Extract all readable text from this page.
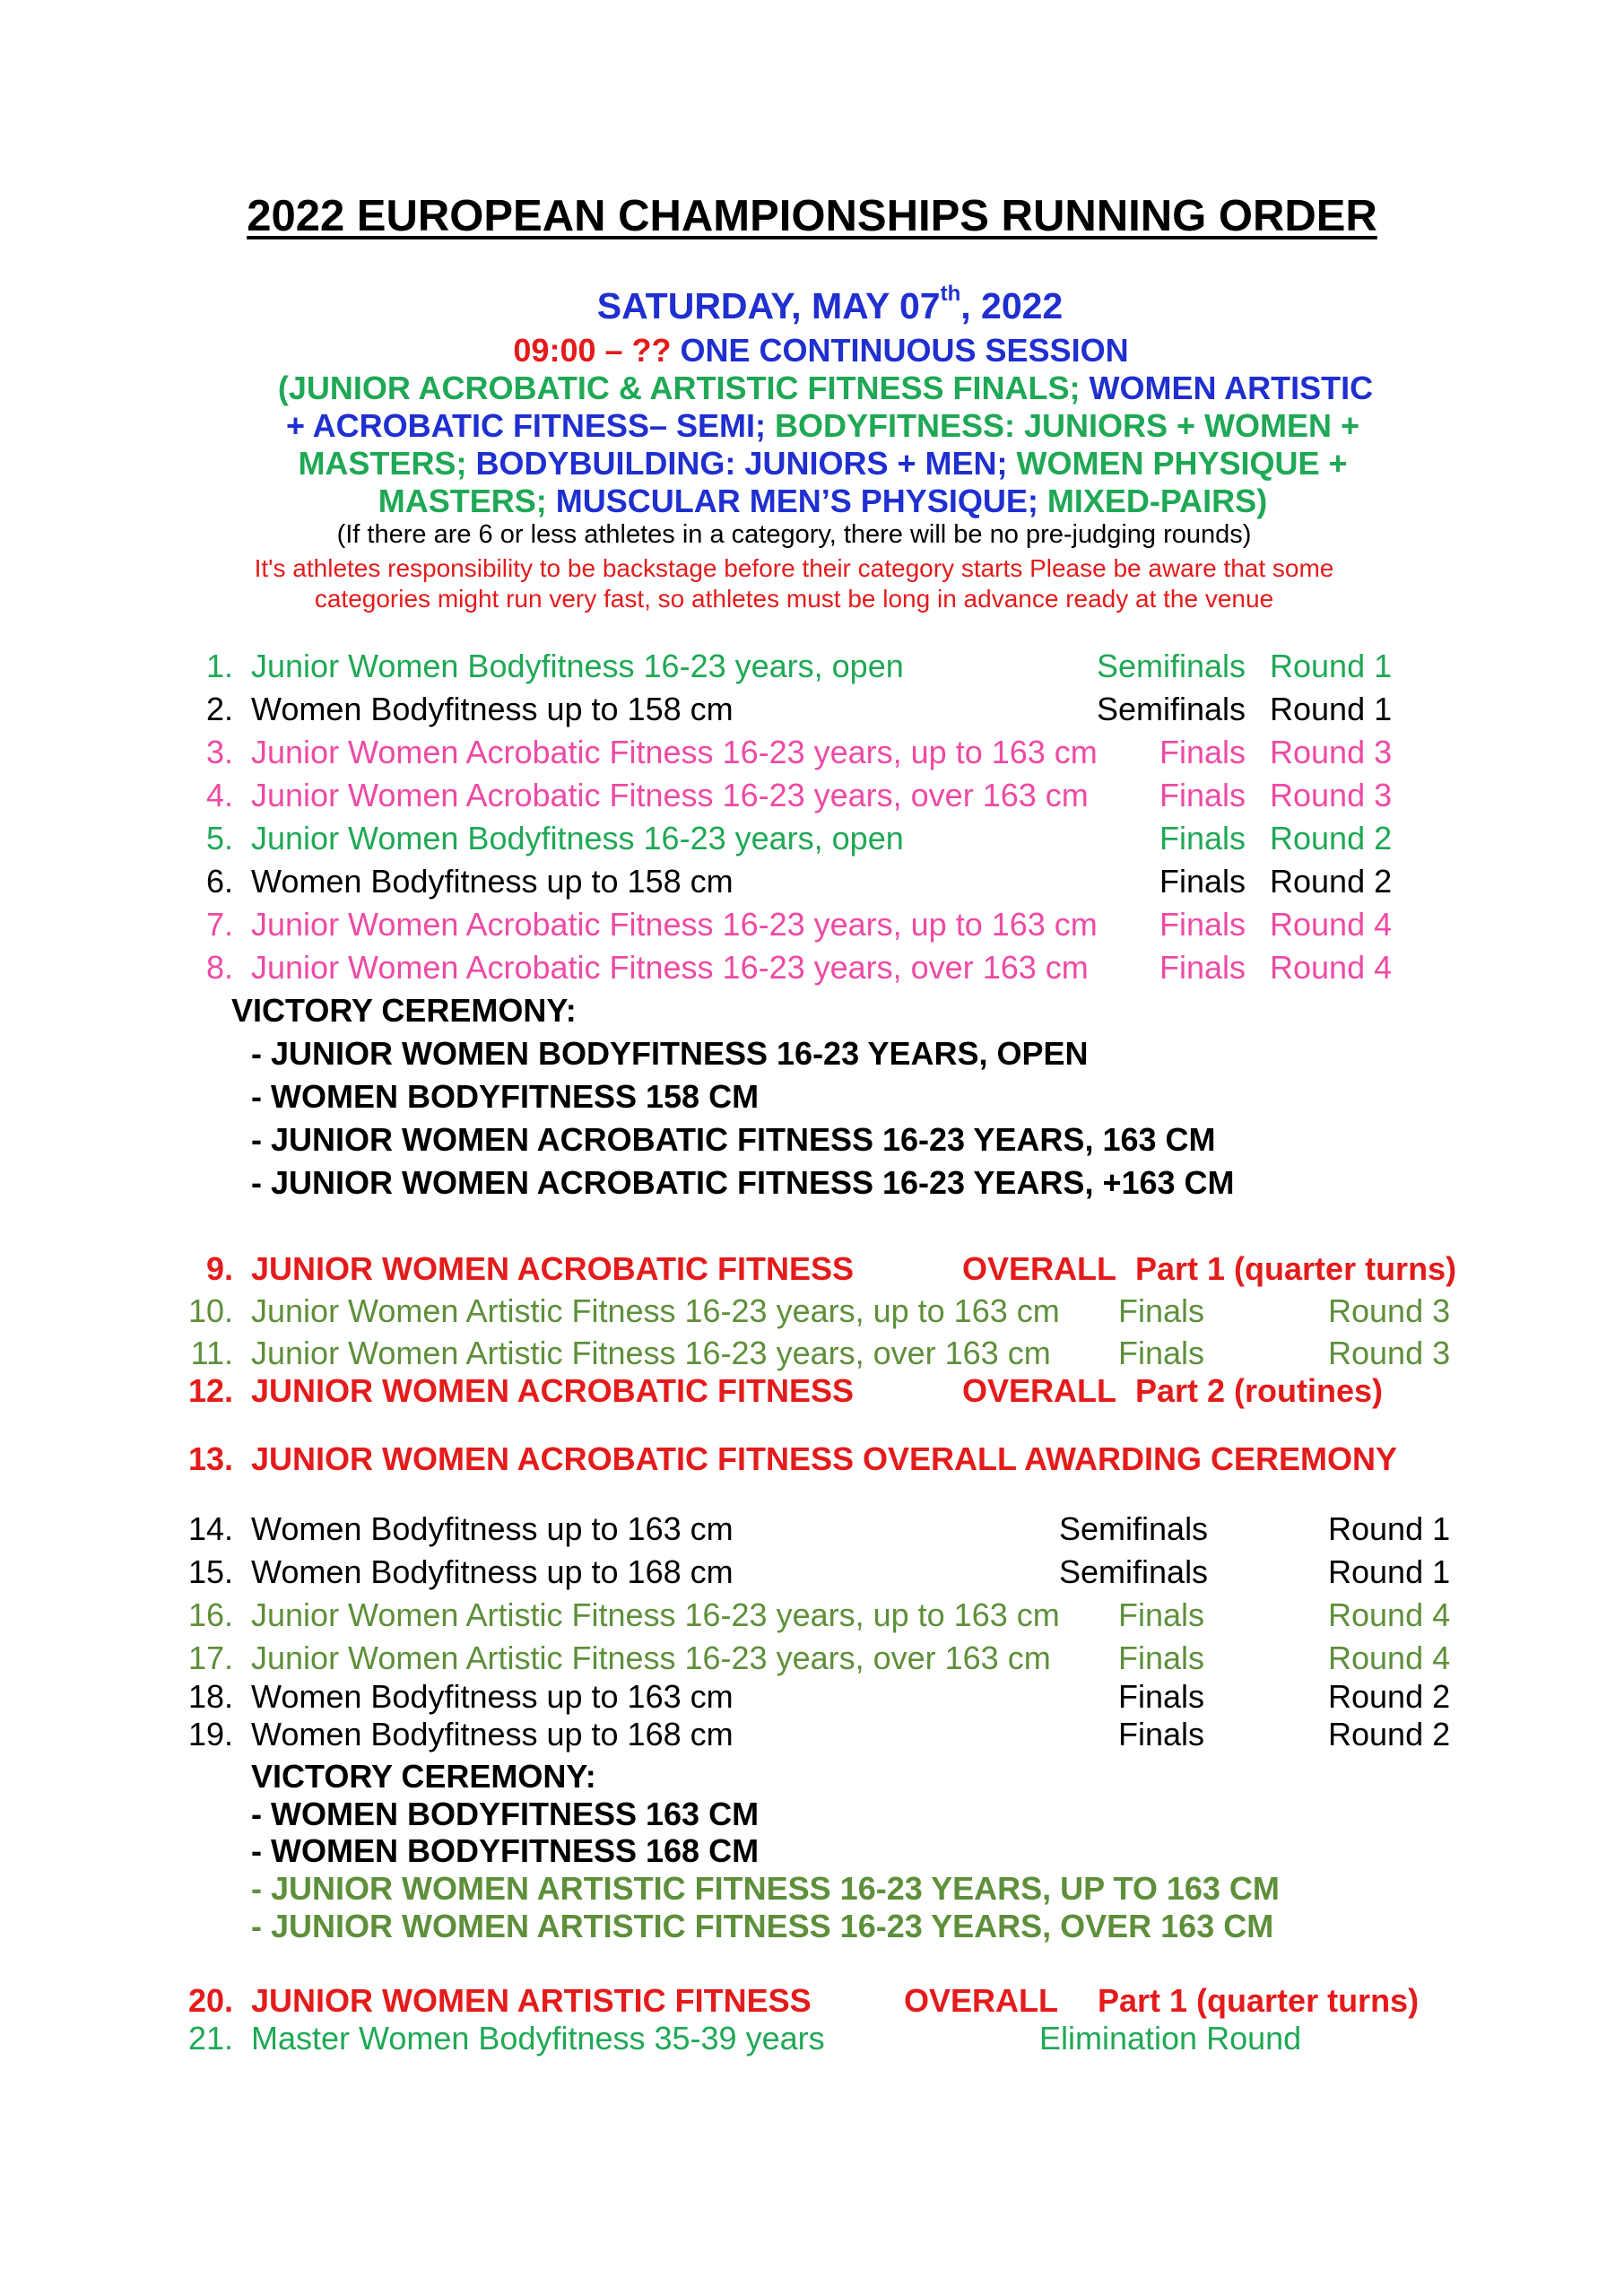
2022 EUROPEAN CHAMPIONSHIPS RUNNING ORDER
SATURDAY, MAY 07th, 2022
09:00 – ?? ONE CONTINUOUS SESSION
(JUNIOR ACROBATIC & ARTISTIC FITNESS FINALS; WOMEN ARTISTIC
+ ACROBATIC FITNESS– SEMI; BODYFITNESS: JUNIORS + WOMEN +
MASTERS; BODYBUILDING: JUNIORS + MEN; WOMEN PHYSIQUE +
MASTERS; MUSCULAR MEN’S PHYSIQUE; MIXED-PAIRS)
(If there are 6 or less athletes in a category, there will be no pre-judging rounds)
It's athletes responsibility to be backstage before their category starts Please be aware that some
categories might run very fast, so athletes must be long in advance ready at the venue
1. Junior Women Bodyfitness 16-23 years, open	Semifinals Round 1
2. Women Bodyfitness up to 158 cm	Semifinals Round 1
3. Junior Women Acrobatic Fitness 16-23 years, up to 163 cm Finals Round 3
4. Junior Women Acrobatic Fitness 16-23 years, over 163 cm Finals Round 3
5. Junior Women Bodyfitness 16-23 years, open	Finals Round 2
6. Women Bodyfitness up to 158 cm	Finals Round 2
7. Junior Women Acrobatic Fitness 16-23 years, up to 163 cm Finals Round 4
8. Junior Women Acrobatic Fitness 16-23 years, over 163 cm Finals Round 4
VICTORY CEREMONY:
- JUNIOR WOMEN BODYFITNESS 16-23 YEARS, OPEN
- WOMEN BODYFITNESS 158 CM
- JUNIOR WOMEN ACROBATIC FITNESS 16-23 YEARS, 163 CM
- JUNIOR WOMEN ACROBATIC FITNESS 16-23 YEARS, +163 CM
9. JUNIOR WOMEN ACROBATIC FITNESS	OVERALL Part 1 (quarter turns)
10. Junior Women Artistic Fitness 16-23 years, up to 163 cm Finals	Round 3
11. Junior Women Artistic Fitness 16-23 years, over 163 cm Finals	Round 3
12. JUNIOR WOMEN ACROBATIC FITNESS	OVERALL Part 2 (routines)
13. JUNIOR WOMEN ACROBATIC FITNESS OVERALL AWARDING CEREMONY
14. Women Bodyfitness up to 163 cm	Semifinals	Round 1
15. Women Bodyfitness up to 168 cm	Semifinals	Round 1
16. Junior Women Artistic Fitness 16-23 years, up to 163 cm Finals	Round 4
17. Junior Women Artistic Fitness 16-23 years, over 163 cm Finals	Round 4
18. Women Bodyfitness up to 163 cm	Finals	Round 2
19. Women Bodyfitness up to 168 cm	Finals	Round 2
VICTORY CEREMONY:
- WOMEN BODYFITNESS 163 CM
- WOMEN BODYFITNESS 168 CM
- JUNIOR WOMEN ARTISTIC FITNESS 16-23 YEARS, UP TO 163 CM
- JUNIOR WOMEN ARTISTIC FITNESS 16-23 YEARS, OVER 163 CM
20. JUNIOR WOMEN ARTISTIC FITNESS	OVERALL Part 1 (quarter turns)
21. Master Women Bodyfitness 35-39 years	Elimination Round
